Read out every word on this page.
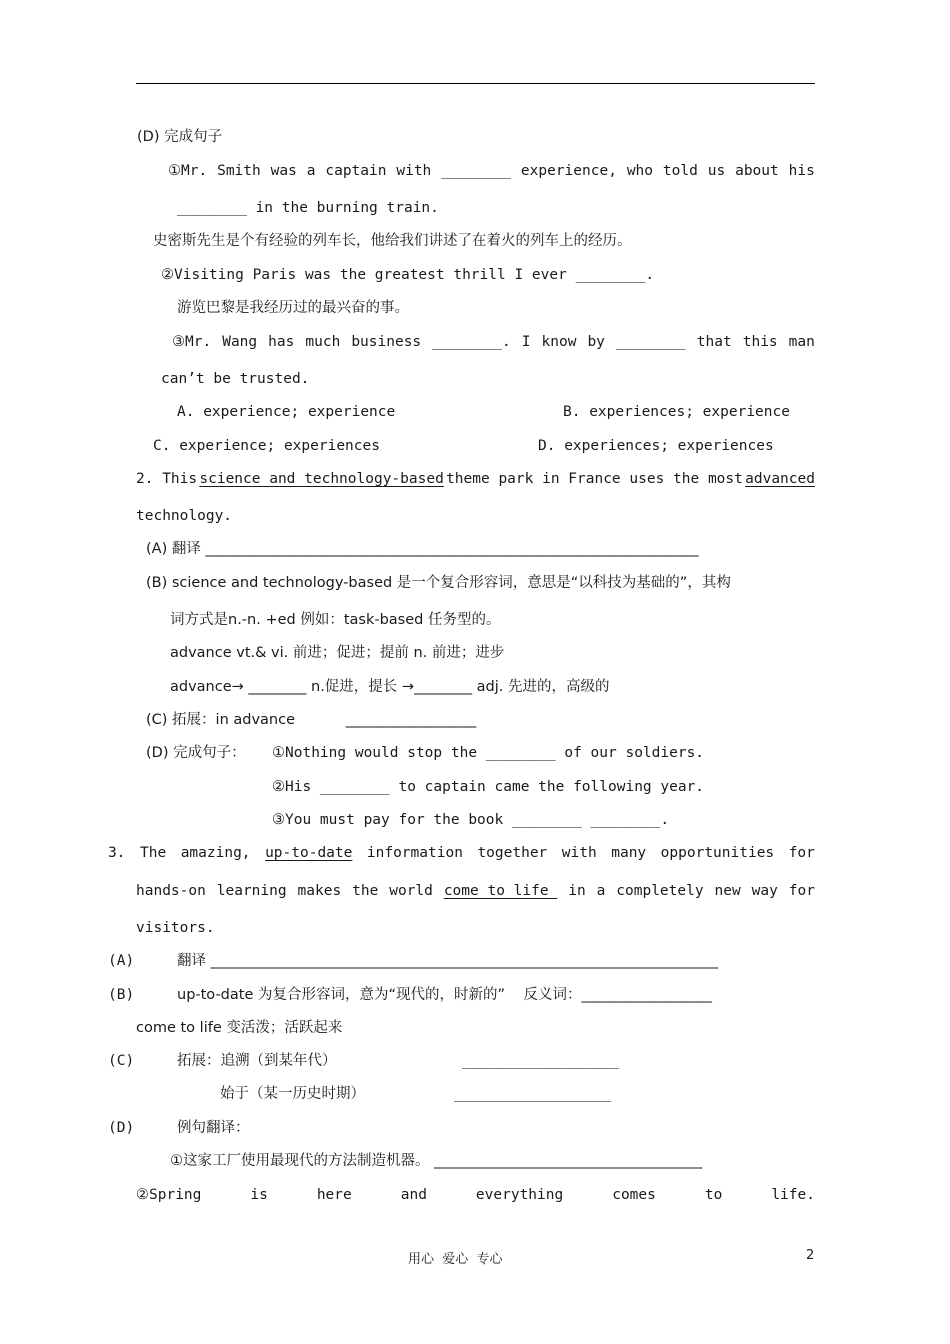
(D) 完成句子
①Mr. Smith was a captain with ________ experience, who told us about his
________ in the burning train.
史密斯先生是个有经验的列车长，他给我们讲述了在着火的列车上的经历。
②Visiting Paris was the greatest thrill I ever ________.
游览巴黎是我经历过的最兴奋的事。
③Mr. Wang has much business ________. I know by ________ that this man
can’t be trusted.
A. experience; experience	B. experiences; experience
C. experience; experiences	D. experiences; experiences
2. This science and technology-based theme park in France uses the most advanced
technology.
(A) 翻译 ____________________________________________________________________
(B) science and technology-based 是一个复合形容词，意思是“以科技为基础的”，其构
词方式是n.-n. +ed 例如：task-based 任务型的。
advance vt.& vi. 前进；促进；提前 n. 前进；进步
advance→ ________ n.促进，提长 →________ adj. 先进的，高级的
(C) 拓展：in advance           __________________
(D) 完成句子： ①Nothing would stop the ________ of our soldiers.
②His ________ to captain came the following year.
③You must pay for the book ________ ________.
3. The amazing, up-to-date information together with many opportunities for
hands-on learning makes the world come to life in a completely new way for
visitors.
(A)	翻译 ______________________________________________________________________
(B)	up-to-date 为复合形容词，意为“现代的，时新的”    反义词：__________________
come to life 变活泼；活跃起来
(C)	拓展：追溯（到某年代）	__________________
始于（某一历史时期）	__________________
(D)	例句翻译：
①这家工厂使用最现代的方法制造机器。 _____________________________________
②Spring	is	here	and	everything	comes	to	life.
用心  爱心  专心	2
